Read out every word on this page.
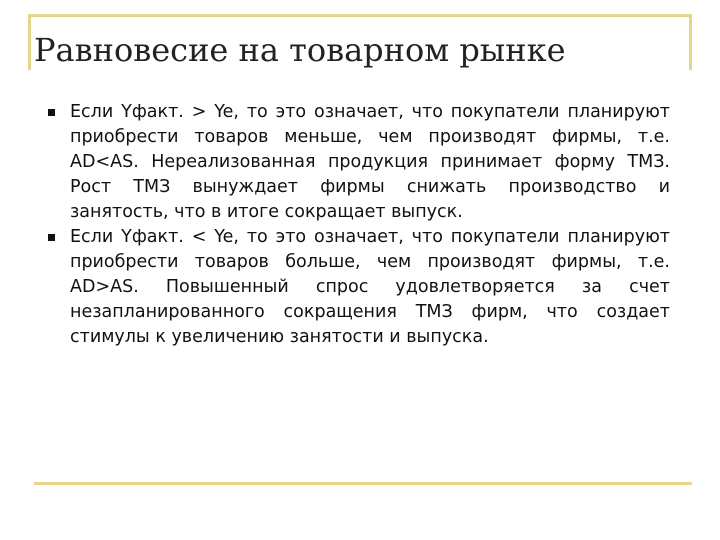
Равновесие на товарном рынке
Если Yфакт. > Ye, то это означает, что покупатели планируют приобрести товаров меньше, чем производят фирмы, т.е. AD<AS. Нереализованная продукция принимает форму ТМЗ. Рост ТМЗ вынуждает фирмы снижать производство и занятость, что в итоге сокращает выпуск.
Если Yфакт. < Ye, то это означает, что покупатели планируют приобрести товаров больше, чем производят фирмы, т.е. AD>AS. Повышенный спрос удовлетворяется за счет незапланированного сокращения ТМЗ фирм, что создает стимулы к увеличению занятости и выпуска.
